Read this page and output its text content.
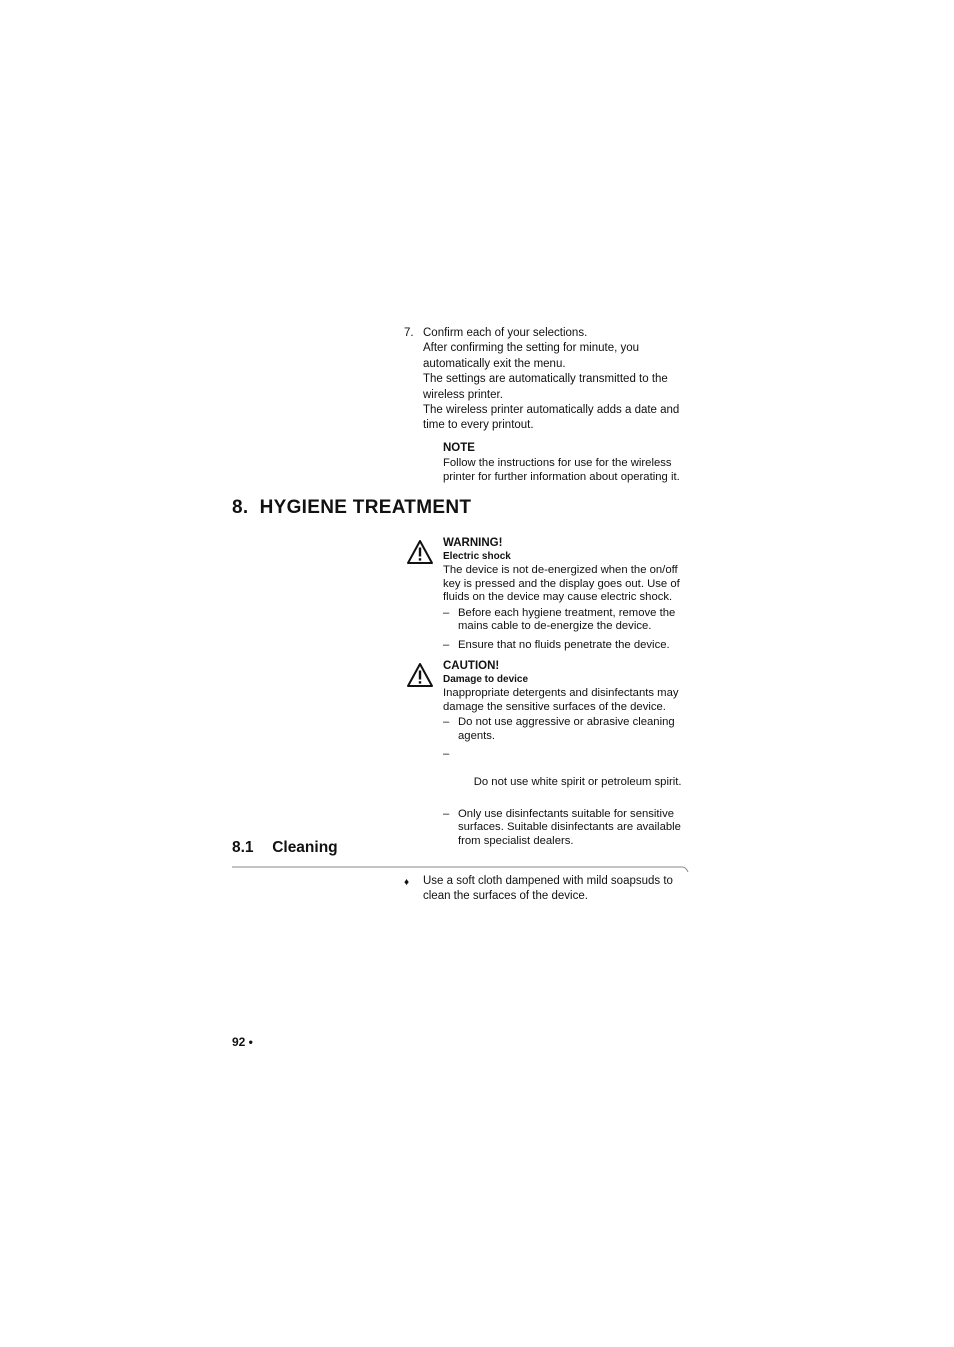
7. Confirm each of your selections.

After confirming the setting for minute, you automatically exit the menu.

The settings are automatically transmitted to the wireless printer.

The wireless printer automatically adds a date and time to every printout.

NOTE

Follow the instructions for use for the wireless printer for further information about operating it.

8.  HYGIENE TREATMENT
WARNING!
Electric shock

The device is not de-energized when the on/off key is pressed and the display goes out. Use of fluids on the device may cause electric shock.

– Before each hygiene treatment, remove the mains cable to de-energize the device.
– Ensure that no fluids penetrate the device.
CAUTION!
Damage to device

Inappropriate detergents and disinfectants may damage the sensitive surfaces of the device.

– Do not use aggressive or abrasive cleaning agents.

–

Do not use white spirit or petroleum spirit.

– Only use disinfectants suitable for sensitive surfaces. Suitable disinfectants are available from specialist dealers.
8.1 Cleaning
♦ Use a soft cloth dampened with mild soapsuds to clean the surfaces of the device.

92 •
